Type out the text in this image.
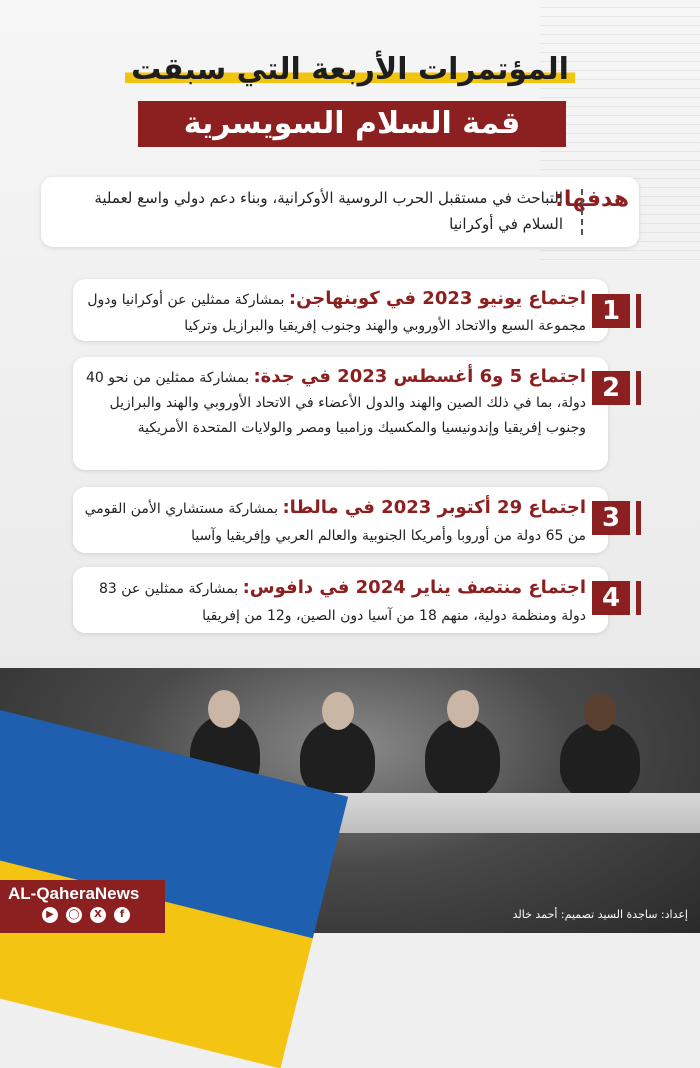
المؤتمرات الأربعة التي سبقت
قمة السلام السويسرية
هدفها:
التباحث في مستقبل الحرب الروسية الأوكرانية، وبناء دعم دولي واسع لعملية السلام في أوكرانيا
اجتماع يونيو 2023 في كوبنهاجن: بمشاركة ممثلين عن أوكرانيا ودول مجموعة السبع والاتحاد الأوروبي والهند وجنوب إفريقيا والبرازيل وتركيا 1
اجتماع 5 و6 أغسطس 2023 في جدة: بمشاركة ممثلين من نحو 40 دولة، بما في ذلك الصين والهند والدول الأعضاء في الاتحاد الأوروبي والهند والبرازيل وجنوب إفريقيا وإندونيسيا والمكسيك وزامبيا ومصر والولايات المتحدة الأمريكية
2
اجتماع 29 أكتوبر 2023 في مالطا: بمشاركة مستشاري الأمن القومي من 65 دولة من أوروبا وأمريكا الجنوبية والعالم العربي وإفريقيا وآسيا
3
اجتماع منتصف يناير 2024 في دافوس: بمشاركة ممثلين عن 83 دولة ومنظمة دولية، منهم 18 من آسيا دون الصين، و12 من إفريقيا
4
AL-QaheraNews
▶	◯	X	f	إعداد: ساجدة السيد تصميم: أحمد خالد
